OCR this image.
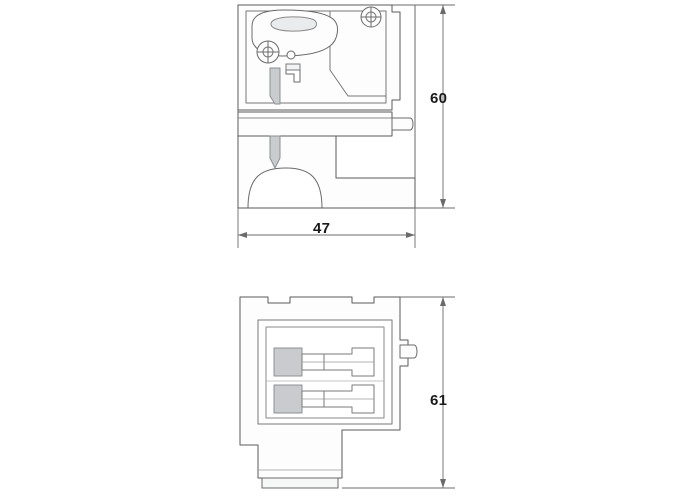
60
47
61
